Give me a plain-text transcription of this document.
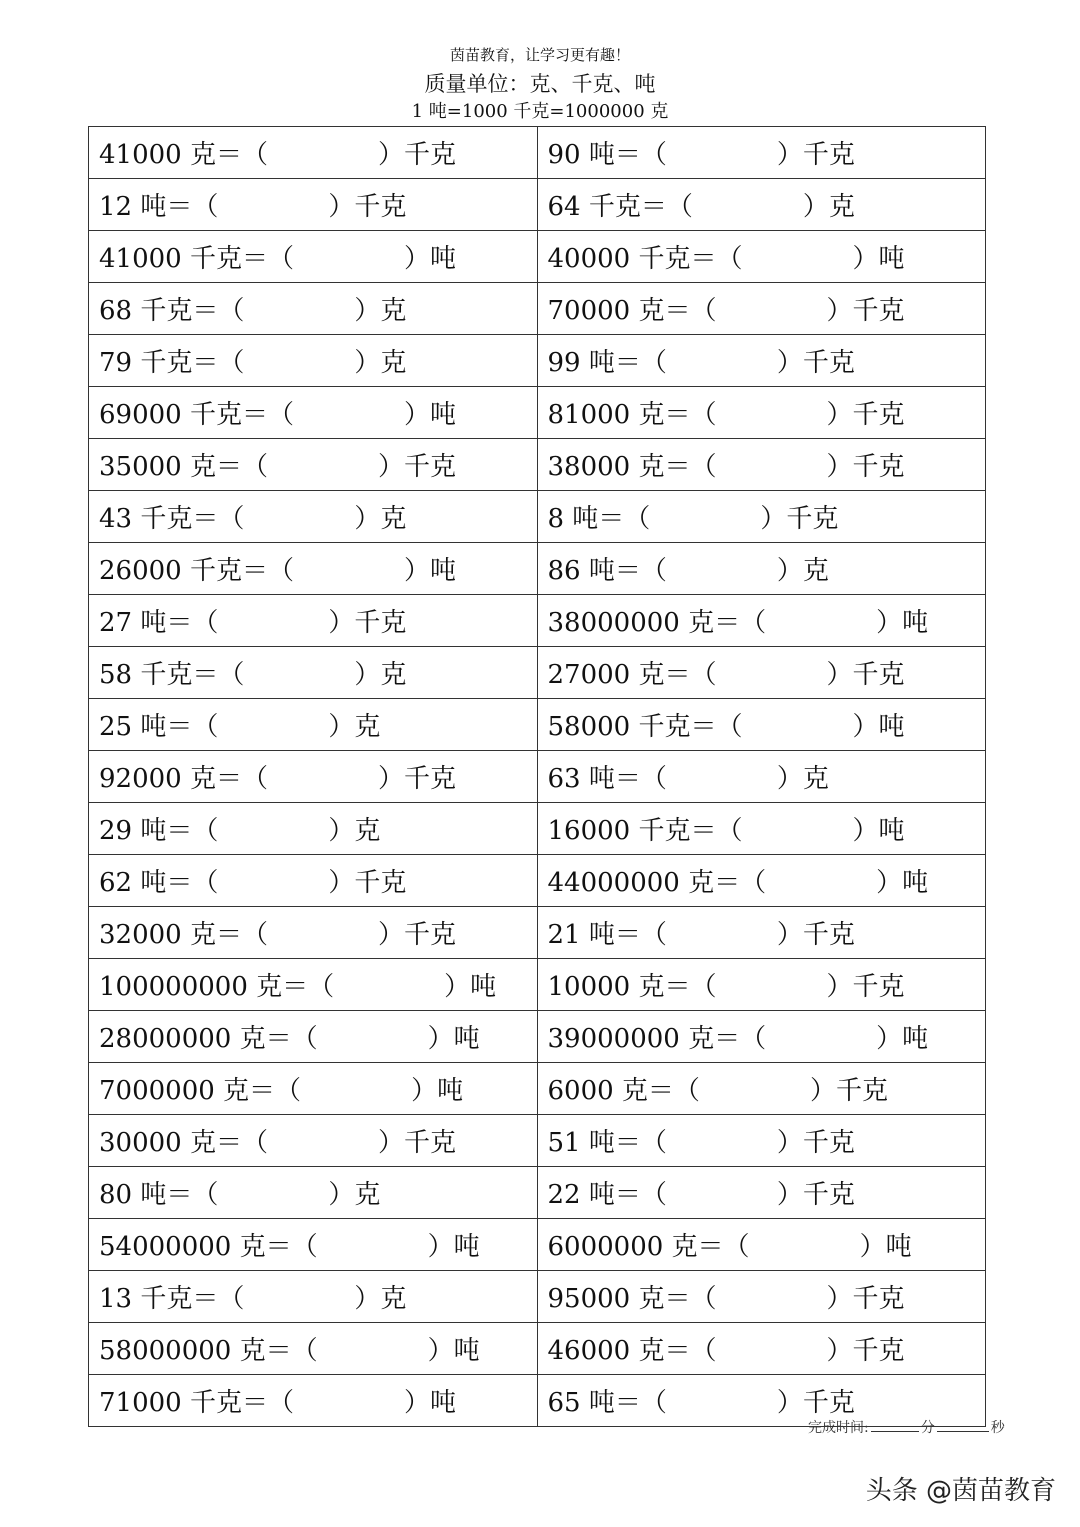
茵苗教育，让学习更有趣！
质量单位：克、千克、吨
1 吨=1000 千克=1000000 克
41000 克＝（ ）千克	90 吨＝（ ）千克
12 吨＝（ ）千克	64 千克＝（ ）克
41000 千克＝（ ）吨	40000 千克＝（ ）吨
68 千克＝（ ）克	70000 克＝（ ）千克
79 千克＝（ ）克	99 吨＝（ ）千克
69000 千克＝（ ）吨	81000 克＝（ ）千克
35000 克＝（ ）千克	38000 克＝（ ）千克
43 千克＝（ ）克	8 吨＝（ ）千克
26000 千克＝（ ）吨	86 吨＝（ ）克
27 吨＝（ ）千克	38000000 克＝（ ）吨
58 千克＝（ ）克	27000 克＝（ ）千克
25 吨＝（ ）克	58000 千克＝（ ）吨
92000 克＝（ ）千克	63 吨＝（ ）克
29 吨＝（ ）克	16000 千克＝（ ）吨
62 吨＝（ ）千克	44000000 克＝（ ）吨
32000 克＝（ ）千克	21 吨＝（ ）千克
100000000 克＝（ ）吨	10000 克＝（ ）千克
28000000 克＝（ ）吨	39000000 克＝（ ）吨
7000000 克＝（ ）吨	6000 克＝（ ）千克
30000 克＝（ ）千克	51 吨＝（ ）千克
80 吨＝（ ）克	22 吨＝（ ）千克
54000000 克＝（ ）吨	6000000 克＝（ ）吨
13 千克＝（ ）克	95000 克＝（ ）千克
58000000 克＝（ ）吨	46000 克＝（ ）千克
71000 千克＝（ ）吨	65 吨＝（ ）千克
完成时间:	分	秒
头条 @茵苗教育
